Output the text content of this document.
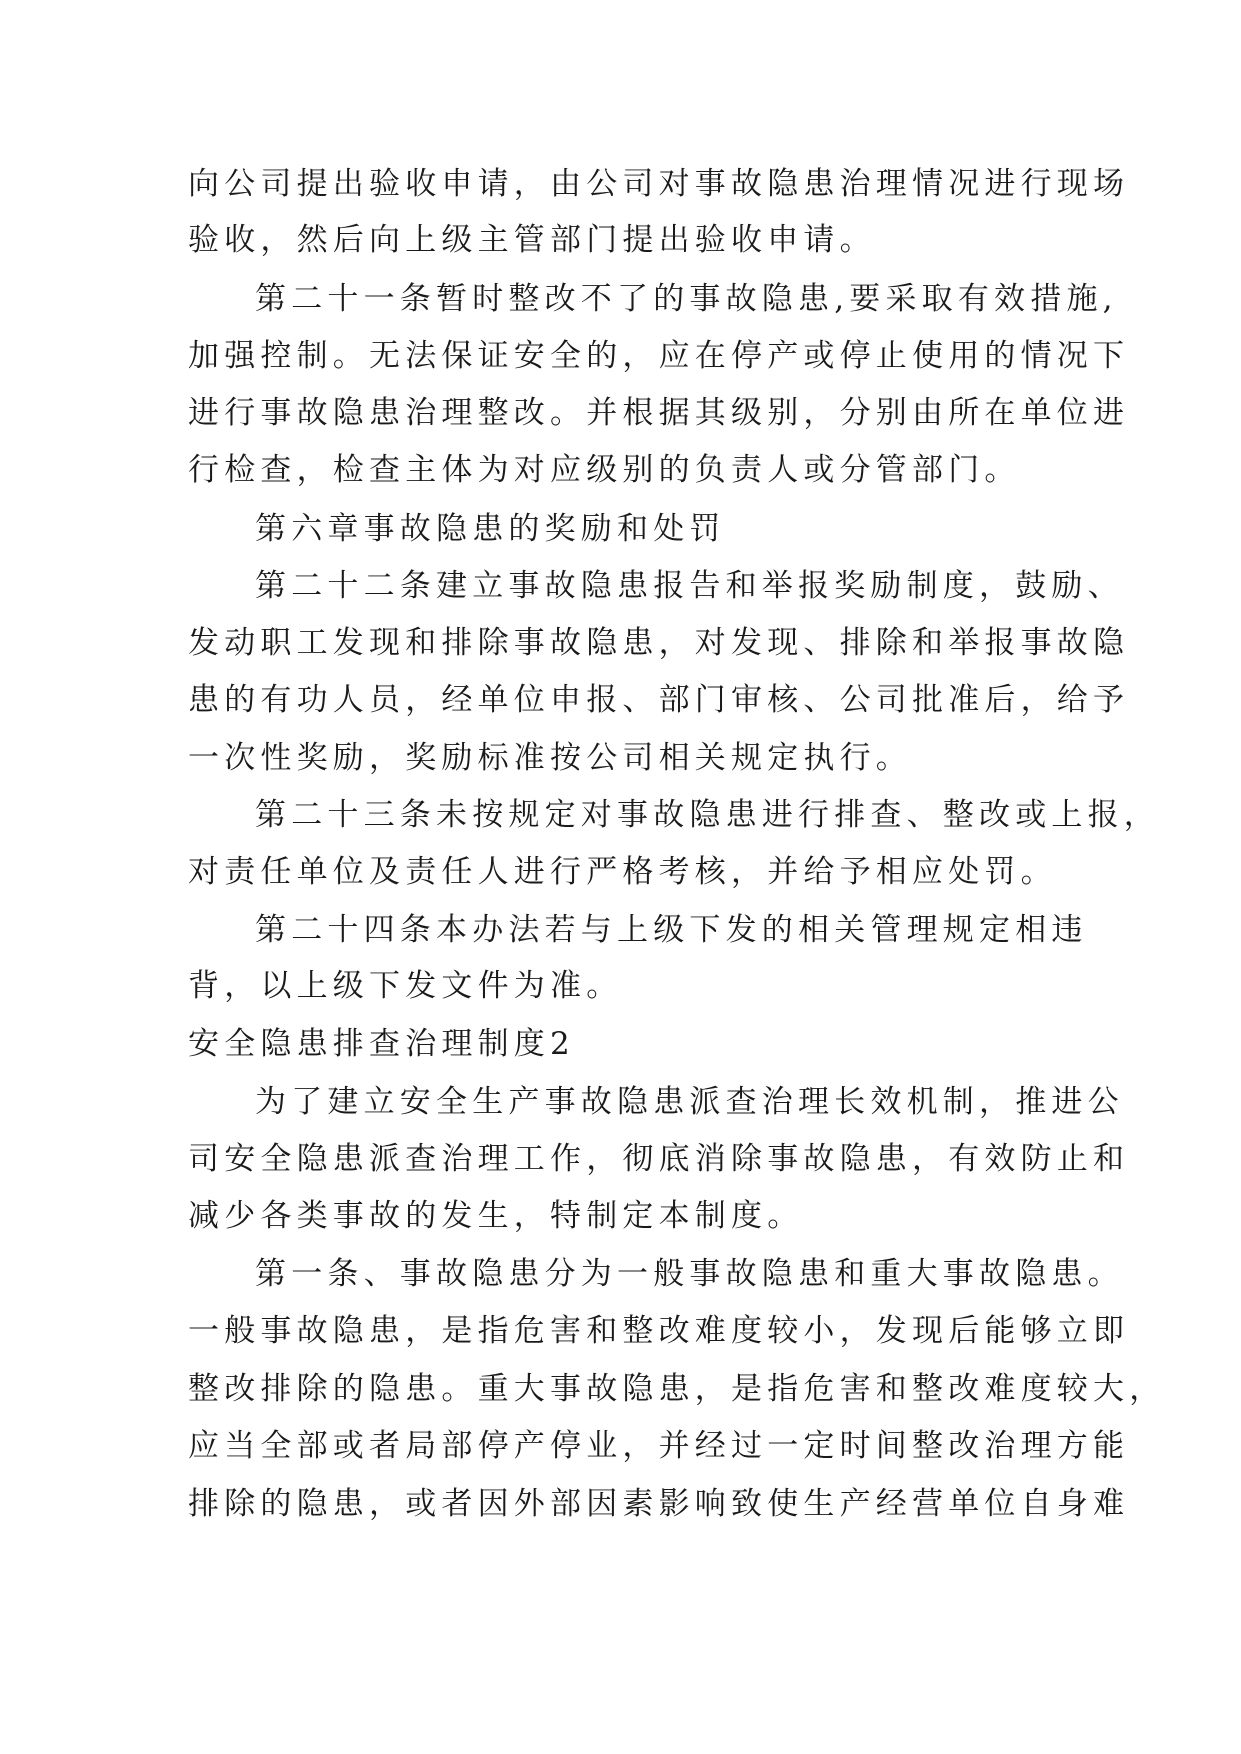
向公司提出验收申请，由公司对事故隐患治理情况进行现场

验收，然后向上级主管部门提出验收申请。

第二十一条暂时整改不了的事故隐患,要采取有效措施,

加强控制。无法保证安全的，应在停产或停止使用的情况下

进行事故隐患治理整改。并根据其级别，分别由所在单位进

行检查，检查主体为对应级别的负责人或分管部门。

第六章事故隐患的奖励和处罚

第二十二条建立事故隐患报告和举报奖励制度，鼓励、

发动职工发现和排除事故隐患，对发现、排除和举报事故隐

患的有功人员，经单位申报、部门审核、公司批准后，给予

一次性奖励，奖励标准按公司相关规定执行。

第二十三条未按规定对事故隐患进行排查、整改或上报，

对责任单位及责任人进行严格考核，并给予相应处罚。

第二十四条本办法若与上级下发的相关管理规定相违

背，以上级下发文件为准。

安全隐患排查治理制度2

为了建立安全生产事故隐患派查治理长效机制，推进公

司安全隐患派查治理工作，彻底消除事故隐患，有效防止和

减少各类事故的发生，特制定本制度。

第一条、事故隐患分为一般事故隐患和重大事故隐患。

一般事故隐患，是指危害和整改难度较小，发现后能够立即

整改排除的隐患。重大事故隐患，是指危害和整改难度较大，

应当全部或者局部停产停业，并经过一定时间整改治理方能

排除的隐患，或者因外部因素影响致使生产经营单位自身难
